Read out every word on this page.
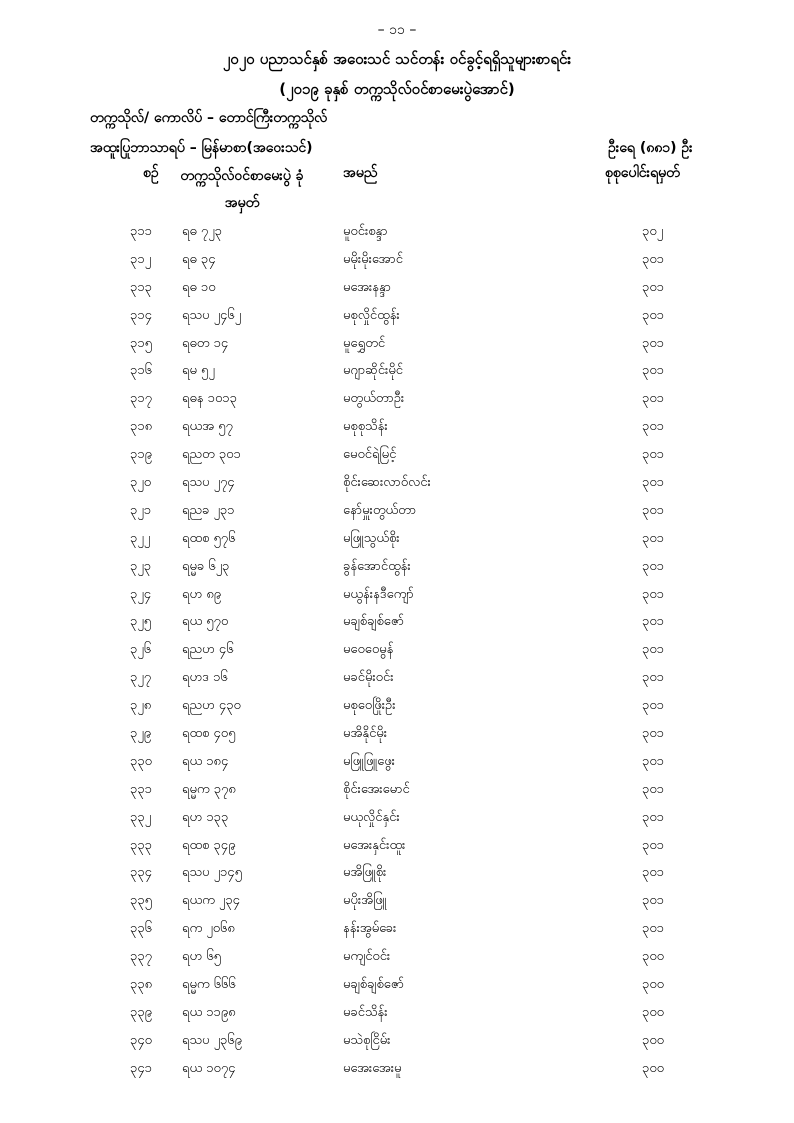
– ၁၁ –
၂၀၂၀ ပညာသင်နှစ် အဝေးသင် သင်တန်း ဝင်ခွင့်ရရှိသူများစာရင်း
(၂၀၁၉ ခုနှစ် တက္ကသိုလ်ဝင်စာမေးပွဲအောင်)
တက္ကသိုလ်/ ကောလိပ် – တောင်ကြီးတက္ကသိုလ်
အထူးပြုဘာသာရပ် – မြန်မာစာ(အဝေးသင်)	ဦးရေ (၈၈၁) ဦး
စဉ် တက္ကသိုလ်ဝင်စာမေးပွဲ ခုံအမှတ်
အမည်	စုစုပေါင်းရမှတ်
၃၁၁ ရဓ ၇၂၃	မူဝင်းစန္ဒာ	၃၀၂
၃၁၂ ရဓ ၃၄	မမိုးမိုးအောင်	၃၀၁
၃၁၃ ရဓ ၁၀	မအေးနန္ဒာ	၃၀၁
၃၁၄ ရသပ ၂၄၆၂	မစုလှိုင်ထွန်း	၃၀၁
၃၁၅ ရဓတ ၁၄	မူရွှေတင်	၃၀၁
၃၁၆ ရမ ၅၂	မဂျာဆိုင်းမိုင်	၃၀၁
၃၁၇ ရဓန ၁၀၁၃	မတွယ်တာဦး	၃၀၁
၃၁၈ ရယအ ၅၇	မစုစုသိန်း	၃၀၁
၃၁၉ ရညတ ၃၀၁	မေဝင်ရဲမြင့်	၃၀၁
၃၂၀ ရသပ ၂၇၄	စိုင်းဆေးလာဝ်လင်း	၃၀၁
၃၂၁ ရညခ ၂၃၁	နော်မှူးတွယ်တာ	၃၀၁
၃၂၂ ရထစ ၅၇၆	မဖြူသွယ်စိုး	၃၀၁
၃၂၃ ရမ္မခ ၆၂၃	ခွန်အောင်ထွန်း	၃၀၁
၃၂၄ ရဟ ၈၉	မယွန်းနဒီကျော်	၃၀၁
၃၂၅ ရယ ၅၇၀	မချစ်ချစ်ဇော်	၃၀၁
၃၂၆ ရညဟ ၄၆	မဝေဝေမွန်	၃၀၁
၃၂၇ ရဟဒ ၁၆	မခင်မိုးဝင်း	၃၀၁
၃၂၈ ရညဟ ၄၃၀	မစုဝေဖြိုးဦး	၃၀၁
၃၂၉ ရထစ ၄၀၅	မအိနိုင်မိုး	၃၀၁
၃၃၀ ရယ ၁၈၄	မဖြူဖြူဖွေး	၃၀၁
၃၃၁ ရမ္မက ၃၇၈	စိုင်းအေးမောင်	၃၀၁
၃၃၂ ရဟ ၁၃၃	မယုလှိုင်နှင်း	၃၀၁
၃၃၃ ရထစ ၃၄၉	မအေးနှင်းထူး	၃၀၁
၃၃၄ ရသပ ၂၁၄၅	မအိဖြူစိုး	၃၀၁
၃၃၅ ရယက ၂၃၄	မပိုးအိဖြူ	၃၀၁
၃၃၆ ရက ၂၀၆၈	နန်းအွမ်ခေး	၃၀၁
၃၃၇ ရဟ ၆၅	မကျင်ဝင်း	၃၀၀
၃၃၈ ရမ္မက ၆၆၆	မချစ်ချစ်ဇော်	၃၀၀
၃၃၉ ရယ ၁၁၉၈	မခင်သိန်း	၃၀၀
၃၄၀ ရသပ ၂၃၆၉	မသဲစုငြိမ်း	၃၀၀
၃၄၁ ရယ ၁၀၇၄	မအေးအေးမူ	၃၀၀
